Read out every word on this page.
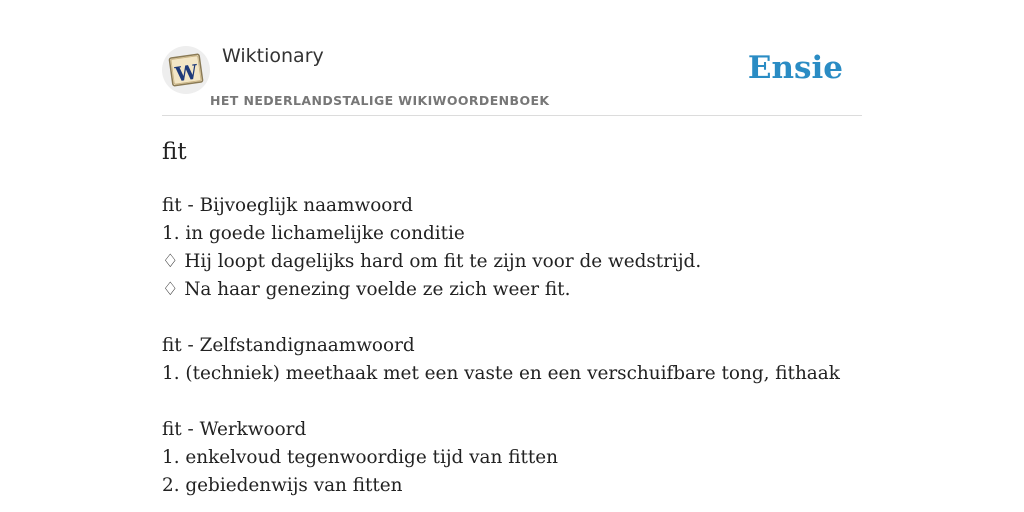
W
Wiktionary
HET NEDERLANDSTALIGE WIKIWOORDENBOEK
Ensie
fit
fit - Bijvoeglijk naamwoord
1. in goede lichamelijke conditie
♢ Hij loopt dagelijks hard om fit te zijn voor de wedstrijd.
♢ Na haar genezing voelde ze zich weer fit.
fit - Zelfstandignaamwoord
1. (techniek) meethaak met een vaste en een verschuifbare tong, fithaak
fit - Werkwoord
1. enkelvoud tegenwoordige tijd van fitten
2. gebiedenwijs van fitten
